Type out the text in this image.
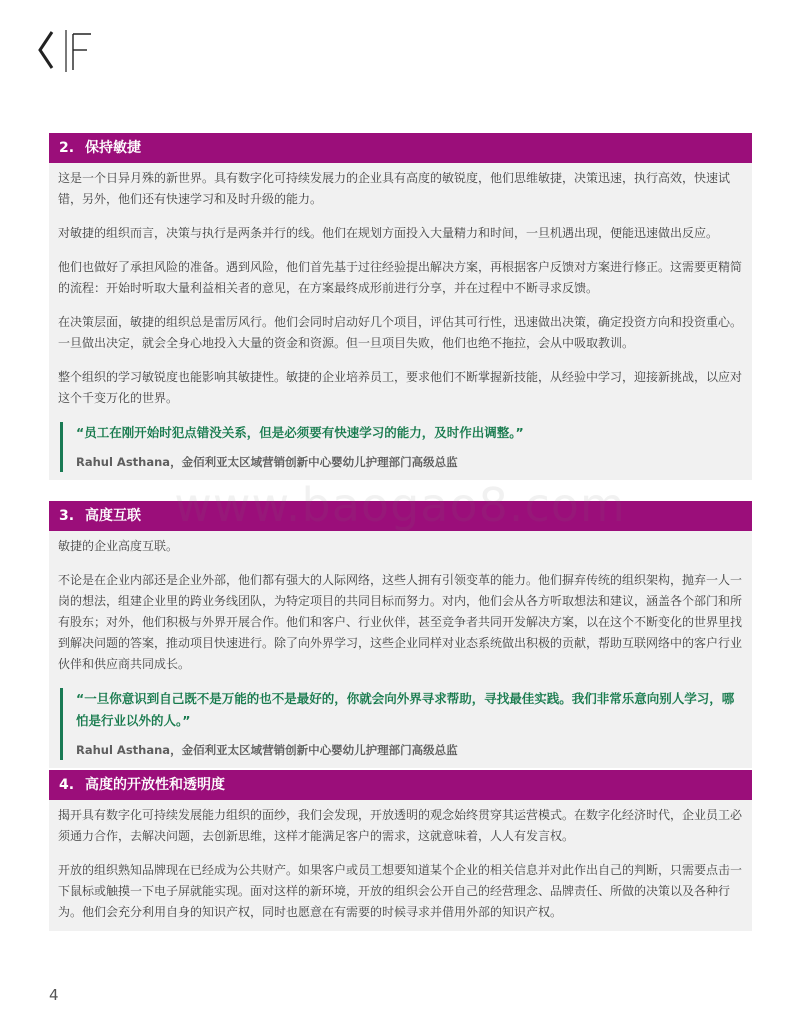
2. 保持敏捷

这是一个日异月殊的新世界。具有数字化可持续发展力的企业具有高度的敏锐度，他们思维敏捷，决策迅速，执行高效，快速试错，另外，他们还有快速学习和及时升级的能力。

对敏捷的组织而言，决策与执行是两条并行的线。他们在规划方面投入大量精力和时间，一旦机遇出现，便能迅速做出反应。

他们也做好了承担风险的准备。遇到风险，他们首先基于过往经验提出解决方案，再根据客户反馈对方案进行修正。这需要更精简的流程：开始时听取大量利益相关者的意见，在方案最终成形前进行分享，并在过程中不断寻求反馈。

在决策层面，敏捷的组织总是雷厉风行。他们会同时启动好几个项目，评估其可行性，迅速做出决策，确定投资方向和投资重心。一旦做出决定，就会全身心地投入大量的资金和资源。但一旦项目失败，他们也绝不拖拉，会从中吸取教训。

整个组织的学习敏锐度也能影响其敏捷性。敏捷的企业培养员工，要求他们不断掌握新技能，从经验中学习，迎接新挑战，以应对这个千变万化的世界。

“员工在刚开始时犯点错没关系，但是必须要有快速学习的能力，及时作出调整。”

Rahul Asthana，金佰利亚太区域营销创新中心婴幼儿护理部门高级总监

3. 高度互联

敏捷的企业高度互联。

不论是在企业内部还是企业外部，他们都有强大的人际网络，这些人拥有引领变革的能力。他们摒弃传统的组织架构，抛弃一人一岗的想法，组建企业里的跨业务线团队，为特定项目的共同目标而努力。对内，他们会从各方听取想法和建议，涵盖各个部门和所有股东；对外，他们积极与外界开展合作。他们和客户、行业伙伴，甚至竞争者共同开发解决方案，以在这个不断变化的世界里找到解决问题的答案，推动项目快速进行。除了向外界学习，这些企业同样对业态系统做出积极的贡献，帮助互联网络中的客户行业伙伴和供应商共同成长。

“一旦你意识到自己既不是万能的也不是最好的，你就会向外界寻求帮助，寻找最佳实践。我们非常乐意向别人学习，哪怕是行业以外的人。”

Rahul Asthana，金佰利亚太区域营销创新中心婴幼儿护理部门高级总监

4. 高度的开放性和透明度

揭开具有数字化可持续发展能力组织的面纱，我们会发现，开放透明的观念始终贯穿其运营模式。在数字化经济时代，企业员工必须通力合作，去解决问题，去创新思维，这样才能满足客户的需求，这就意味着，人人有发言权。

开放的组织熟知品牌现在已经成为公共财产。如果客户或员工想要知道某个企业的相关信息并对此作出自己的判断，只需要点击一下鼠标或触摸一下电子屏就能实现。面对这样的新环境，开放的组织会公开自己的经营理念、品牌责任、所做的决策以及各种行为。他们会充分利用自身的知识产权，同时也愿意在有需要的时候寻求并借用外部的知识产权。

4
